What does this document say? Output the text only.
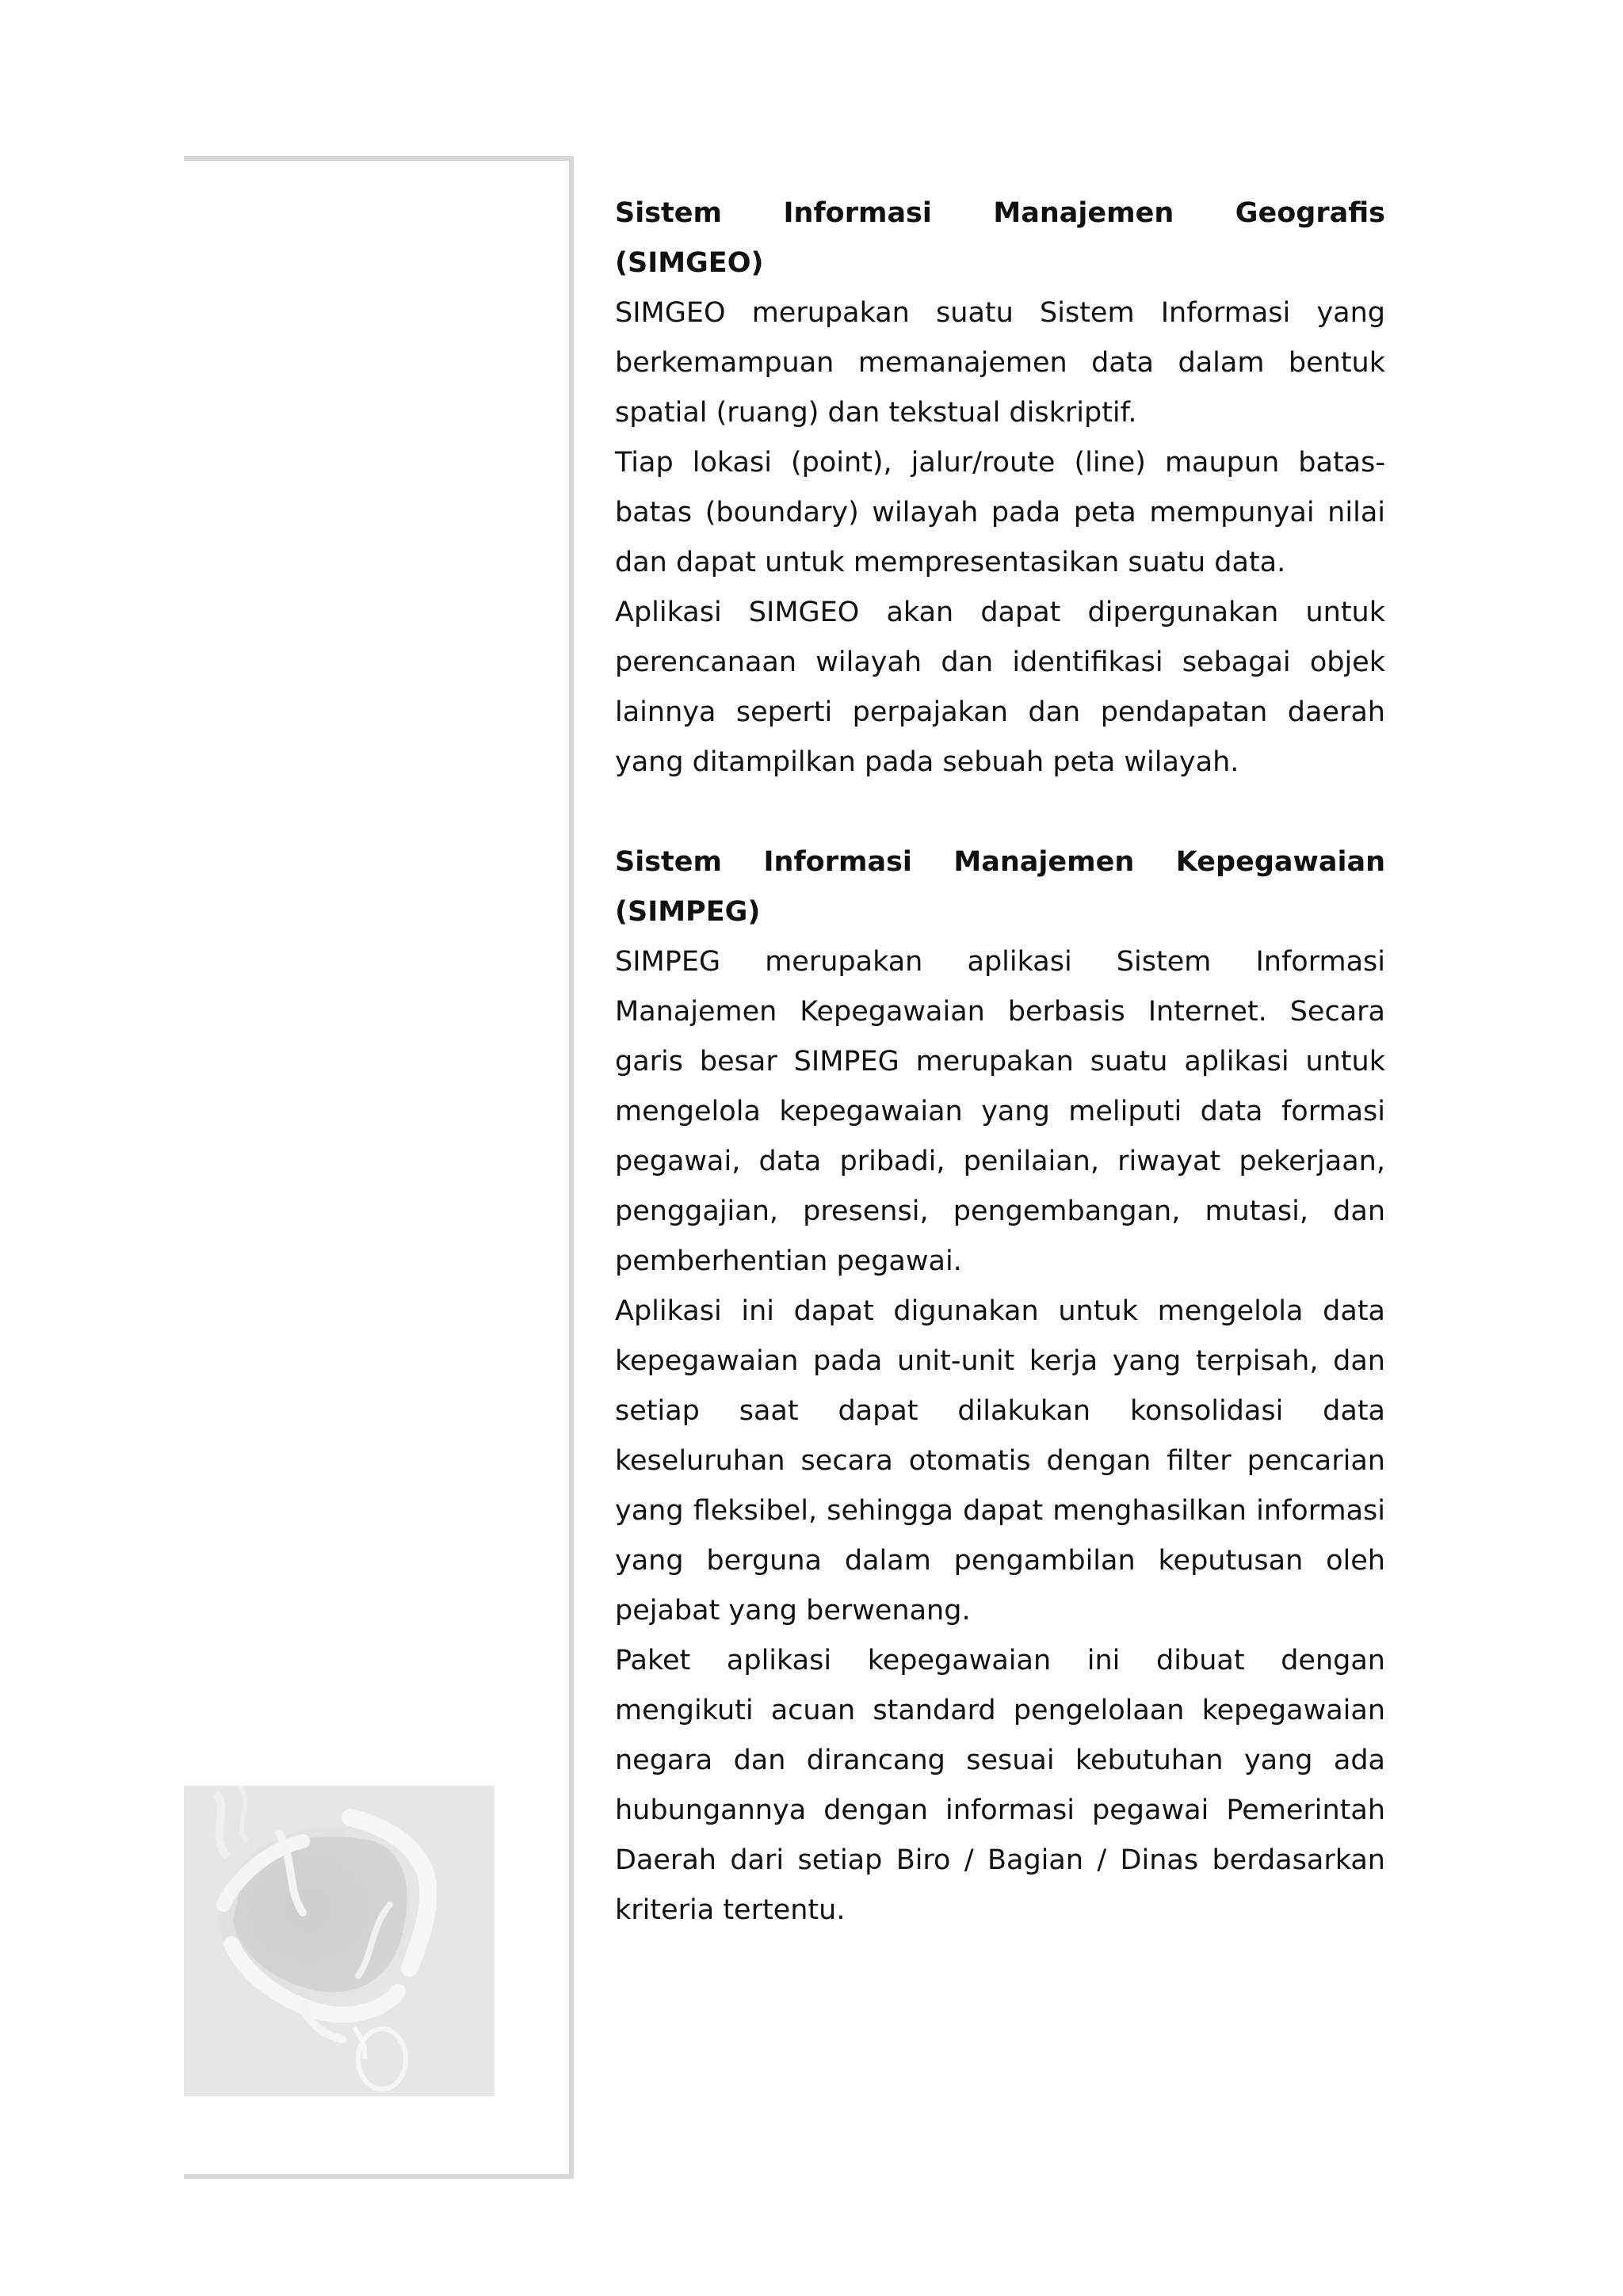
Sistem Informasi Manajemen Geografis (SIMGEO)

SIMGEO merupakan suatu Sistem Informasi yang berkemampuan memanajemen data dalam bentuk spatial (ruang) dan tekstual diskriptif.

Tiap lokasi (point), jalur/route (line) maupun batas-batas (boundary) wilayah pada peta mempunyai nilai dan dapat untuk mempresentasikan suatu data.

Aplikasi SIMGEO akan dapat dipergunakan untuk perencanaan wilayah dan identifikasi sebagai objek lainnya seperti perpajakan dan pendapatan daerah yang ditampilkan pada sebuah peta wilayah.

Sistem Informasi Manajemen Kepegawaian (SIMPEG)

SIMPEG merupakan aplikasi Sistem Informasi Manajemen Kepegawaian berbasis Internet. Secara garis besar SIMPEG merupakan suatu aplikasi untuk mengelola kepegawaian yang meliputi data formasi pegawai, data pribadi, penilaian, riwayat pekerjaan, penggajian, presensi, pengembangan, mutasi, dan pemberhentian pegawai.

Aplikasi ini dapat digunakan untuk mengelola data kepegawaian pada unit-unit kerja yang terpisah, dan setiap saat dapat dilakukan konsolidasi data keseluruhan secara otomatis dengan filter pencarian yang fleksibel, sehingga dapat menghasilkan informasi yang berguna dalam pengambilan keputusan oleh pejabat yang berwenang.

Paket aplikasi kepegawaian ini dibuat dengan mengikuti acuan standard pengelolaan kepegawaian negara dan dirancang sesuai kebutuhan yang ada hubungannya dengan informasi pegawai Pemerintah Daerah dari setiap Biro / Bagian / Dinas berdasarkan kriteria tertentu.
